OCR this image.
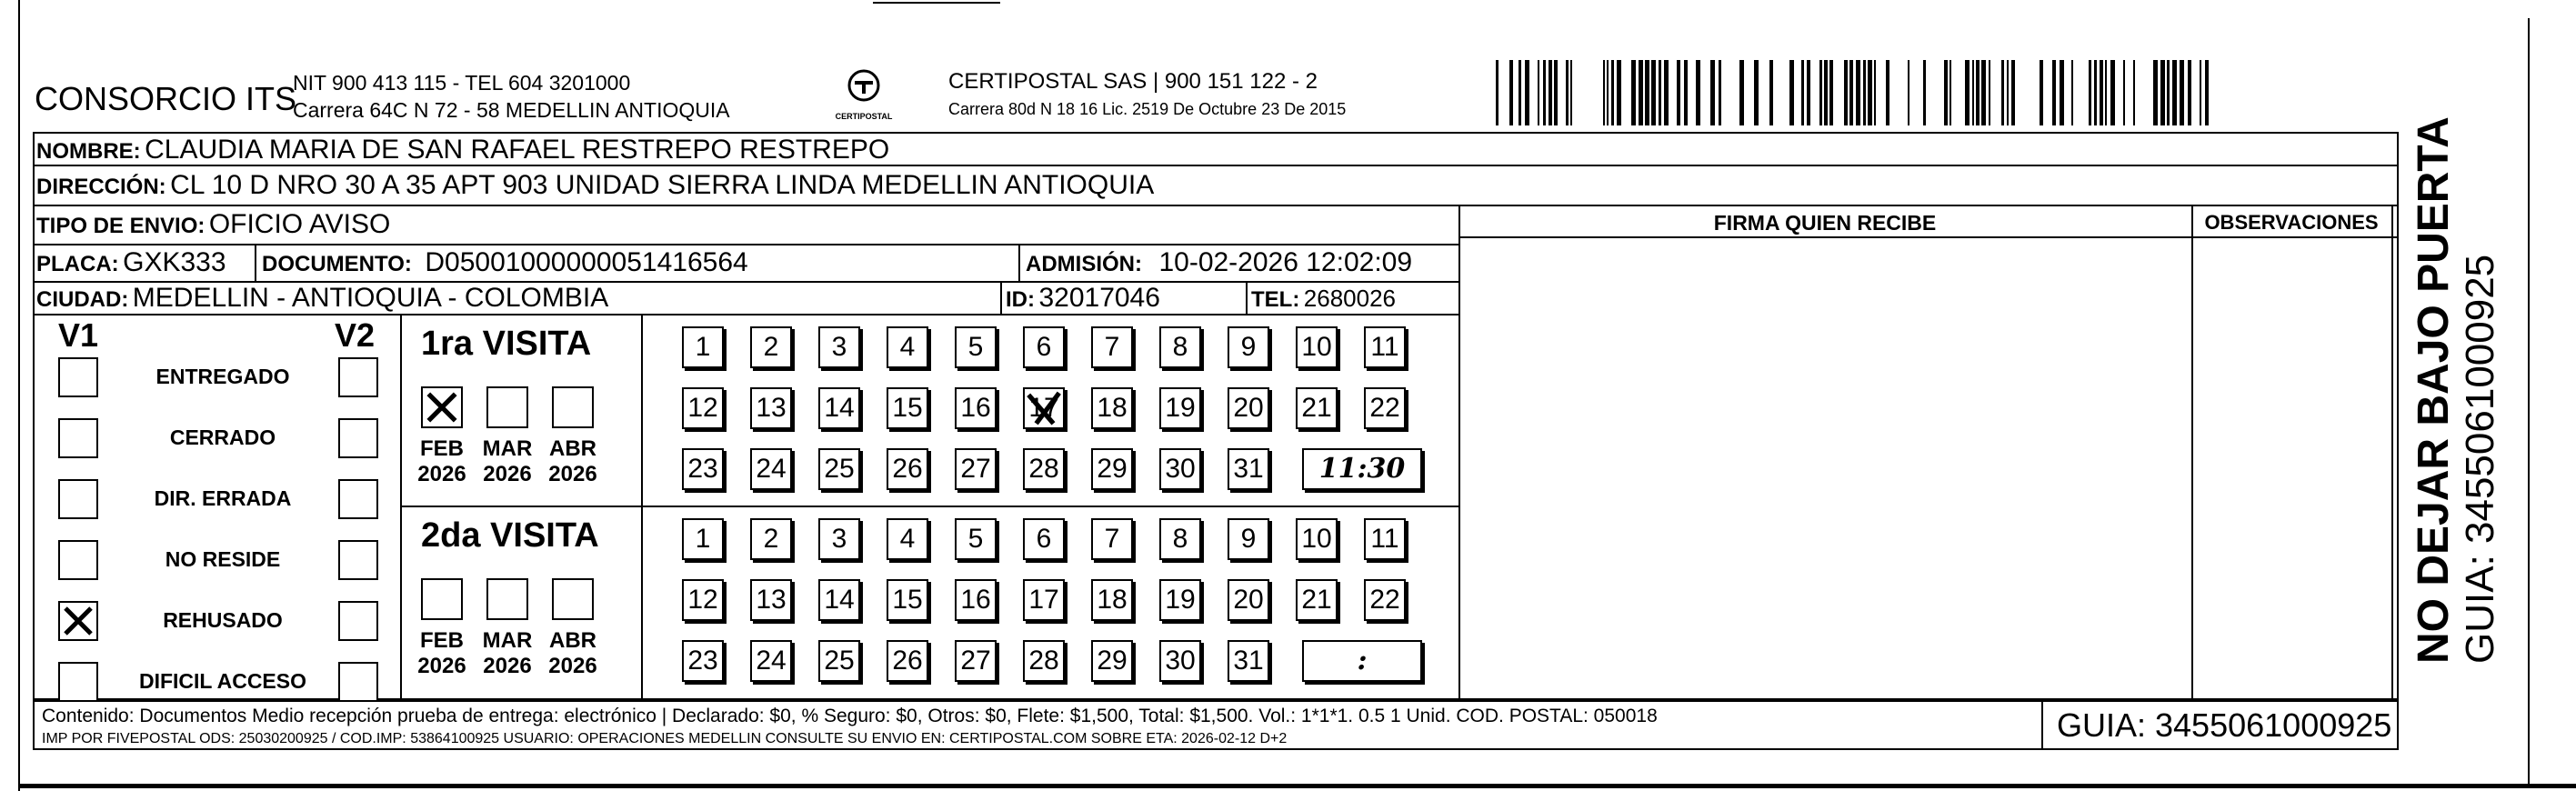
CONSORCIO ITS
NIT 900 413 115 - TEL 604 3201000
Carrera 64C N 72 - 58 MEDELLIN ANTIOQUIA	CERTIPOSTAL
CERTIPOSTAL SAS | 900 151 122 - 2
Carrera 80d N 18 16 Lic. 2519 De Octubre 23 De 2015
NOMBRE: CLAUDIA MARIA DE SAN RAFAEL RESTREPO RESTREPO
DIRECCIÓN: CL 10 D NRO 30 A 35 APT 903 UNIDAD SIERRA LINDA MEDELLIN ANTIOQUIA
TIPO DE ENVIO: OFICIO AVISO	FIRMA QUIEN RECIBE	OBSERVACIONES
PLACA: GXK333 DOCUMENTO: D05001000000051416564	ADMISIÓN: 10-02-2026 12:02:09
CIUDAD: MEDELLIN - ANTIOQUIA - COLOMBIA	ID: 32017046	TEL: 2680026
V1	V2
ENTREGADO
CERRADO
DIR. ERRADA
NO RESIDE
REHUSADO
DIFICIL ACCESO
1ra VISITA
FEB
2026
MAR
2026
ABR
2026
1	2	3	4	5	6	7	8	9	10 11
12 13 14 15 16 17 18 19 20 21 22
23 24 25 26 27 28 29 30 31	11:30
2da VISITA
FEB
2026
MAR
2026
ABR
2026
1	2	3	4	5	6	7	8	9	10 11
12 13 14 15 16 17 18 19 20 21 22
23 24 25 26 27 28 29 30 31	:
Contenido: Documentos Medio recepción prueba de entrega: electrónico | Declarado: $0, % Seguro: $0, Otros: $0, Flete: $1,500, Total: $1,500. Vol.: 1*1*1. 0.5 1 Unid. COD. POSTAL: 050018
IMP POR FIVEPOSTAL ODS: 25030200925 / COD.IMP: 53864100925 USUARIO: OPERACIONES MEDELLIN CONSULTE SU ENVIO EN: CERTIPOSTAL.COM SOBRE ETA: 2026-02-12 D+2	GUIA: 3455061000925
NO DEJAR BAJO PUERTA GUIA: 3455061000925
